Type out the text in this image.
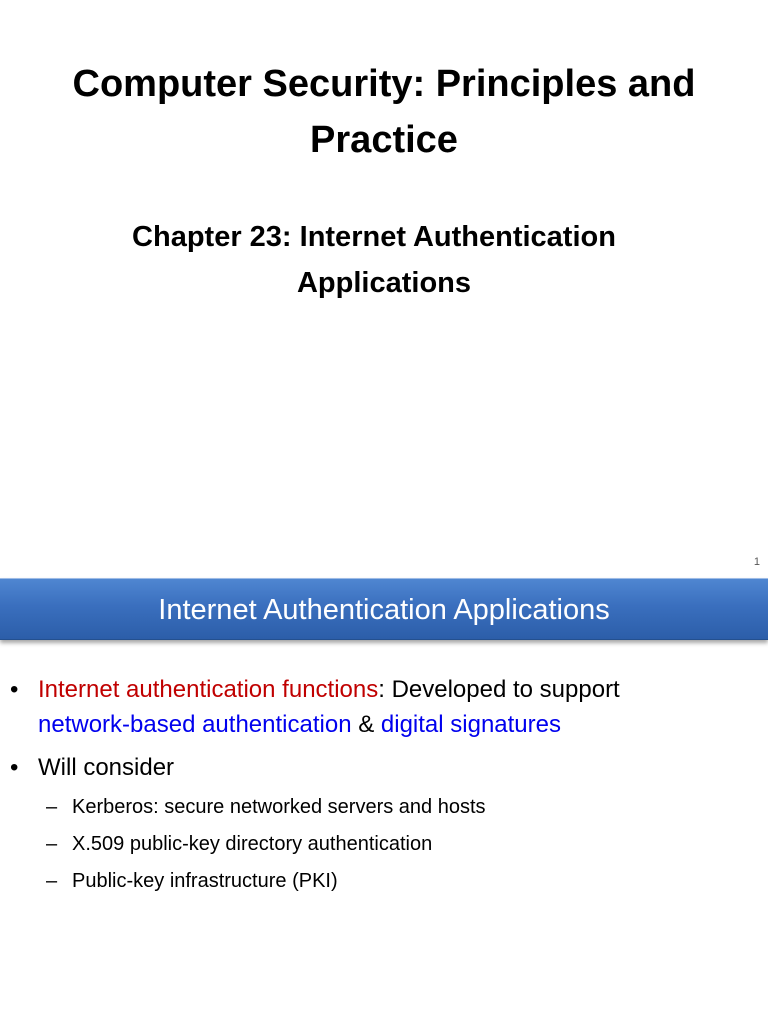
Computer Security: Principles and
Practice
Chapter 23: Internet Authentication
Applications
1
Internet Authentication Applications
• Internet authentication functions: Developed to support
network-based authentication & digital signatures
• Will consider
– Kerberos: secure networked servers and hosts
– X.509 public-key directory authentication
– Public-key infrastructure (PKI)
